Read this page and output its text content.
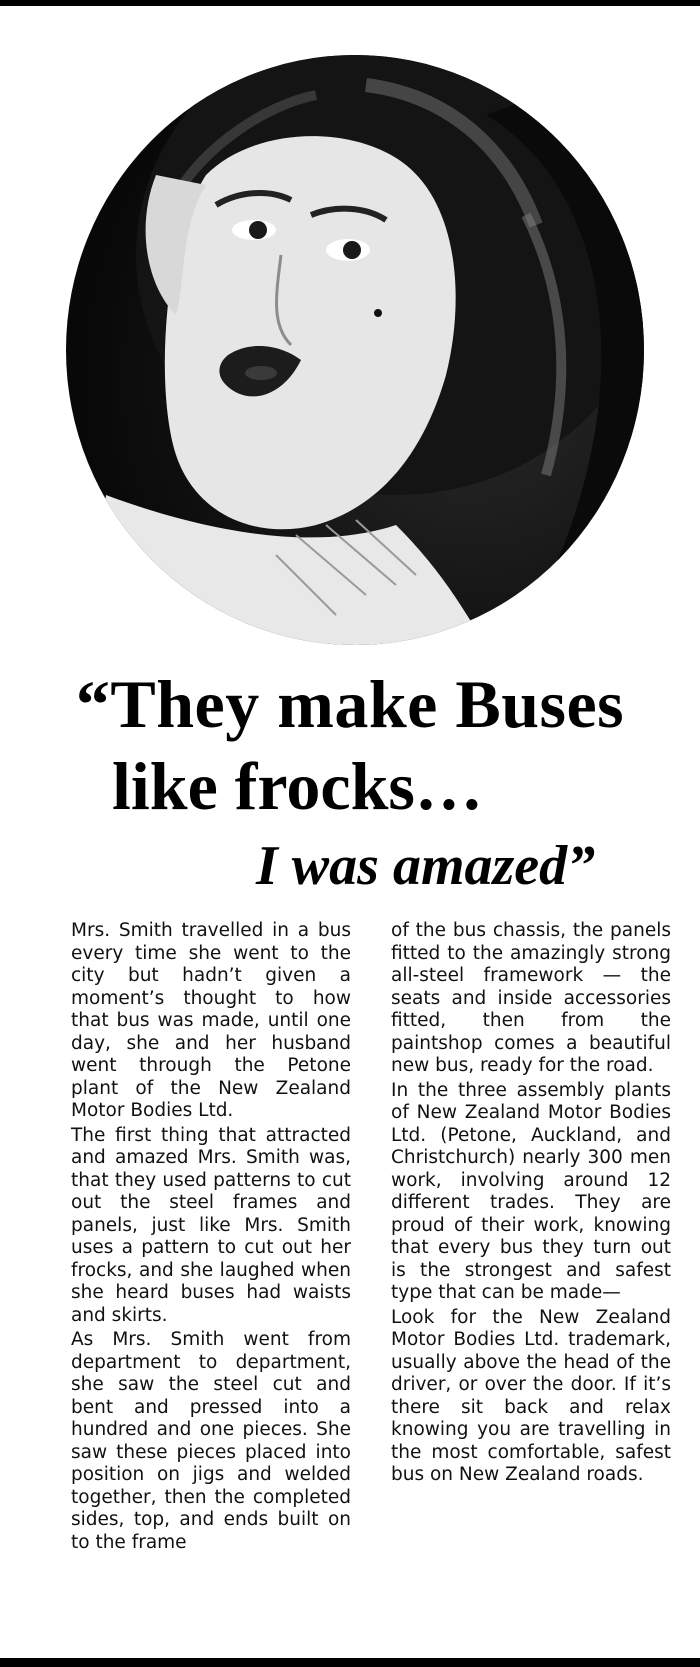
“They make Buses
like frocks…
I was amazed”

Mrs. Smith travelled in a bus every time she went to the city but hadn’t given a moment’s thought to how that bus was made, until one day, she and her husband went through the Petone plant of the New Zealand Motor Bodies Ltd.

The first thing that attracted and amazed Mrs. Smith was, that they used patterns to cut out the steel frames and panels, just like Mrs. Smith uses a pattern to cut out her frocks, and she laughed when she heard buses had waists and skirts.

As Mrs. Smith went from department to department, she saw the steel cut and bent and pressed into a hundred and one pieces. She saw these pieces placed into position on jigs and welded together, then the completed sides, top, and ends built on to the frame

of the bus chassis, the panels fitted to the amazingly strong all-steel framework — the seats and inside accessories fitted, then from the paintshop comes a beautiful new bus, ready for the road.

In the three assembly plants of New Zealand Motor Bodies Ltd. (Petone, Auckland, and Christchurch) nearly 300 men work, involving around 12 different trades. They are proud of their work, knowing that every bus they turn out is the strongest and safest type that can be made—

Look for the New Zealand Motor Bodies Ltd. trademark, usually above the head of the driver, or over the door. If it’s there sit back and relax knowing you are travelling in the most comfortable, safest bus on New Zealand roads.
